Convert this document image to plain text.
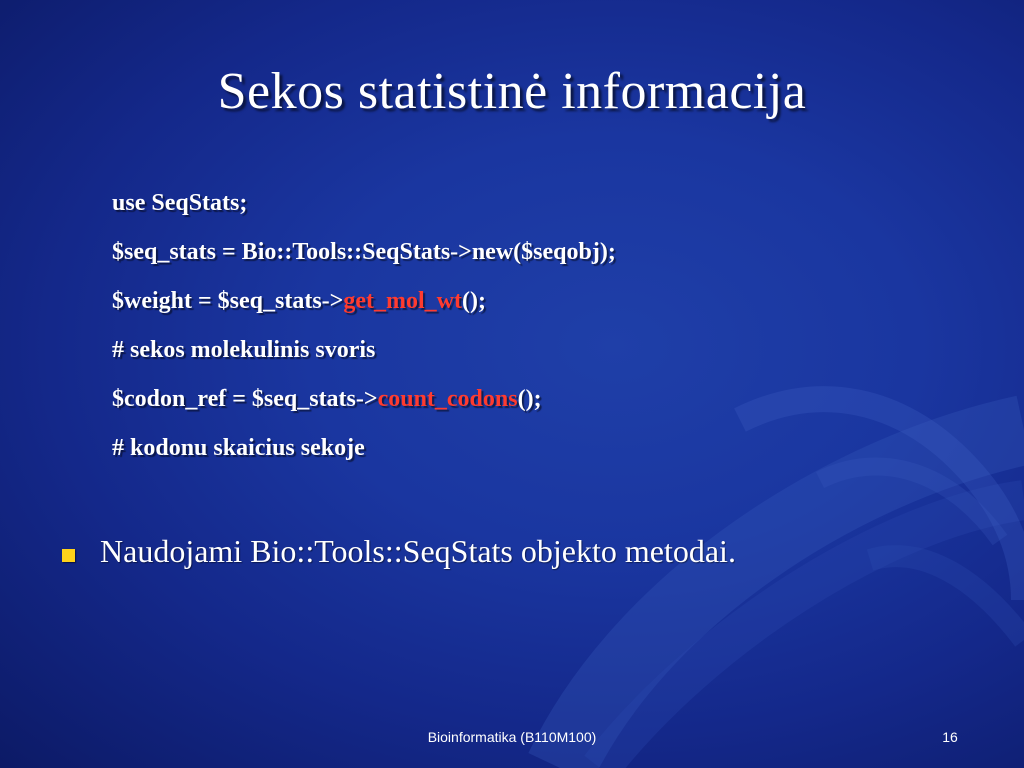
Sekos statistinė informacija
use SeqStats;
$seq_stats = Bio::Tools::SeqStats->new($seqobj);
$weight = $seq_stats->get_mol_wt();
# sekos molekulinis svoris
$codon_ref = $seq_stats->count_codons();
# kodonu skaicius sekoje
Naudojami Bio::Tools::SeqStats objekto metodai.
Bioinformatika (B110M100)	16
